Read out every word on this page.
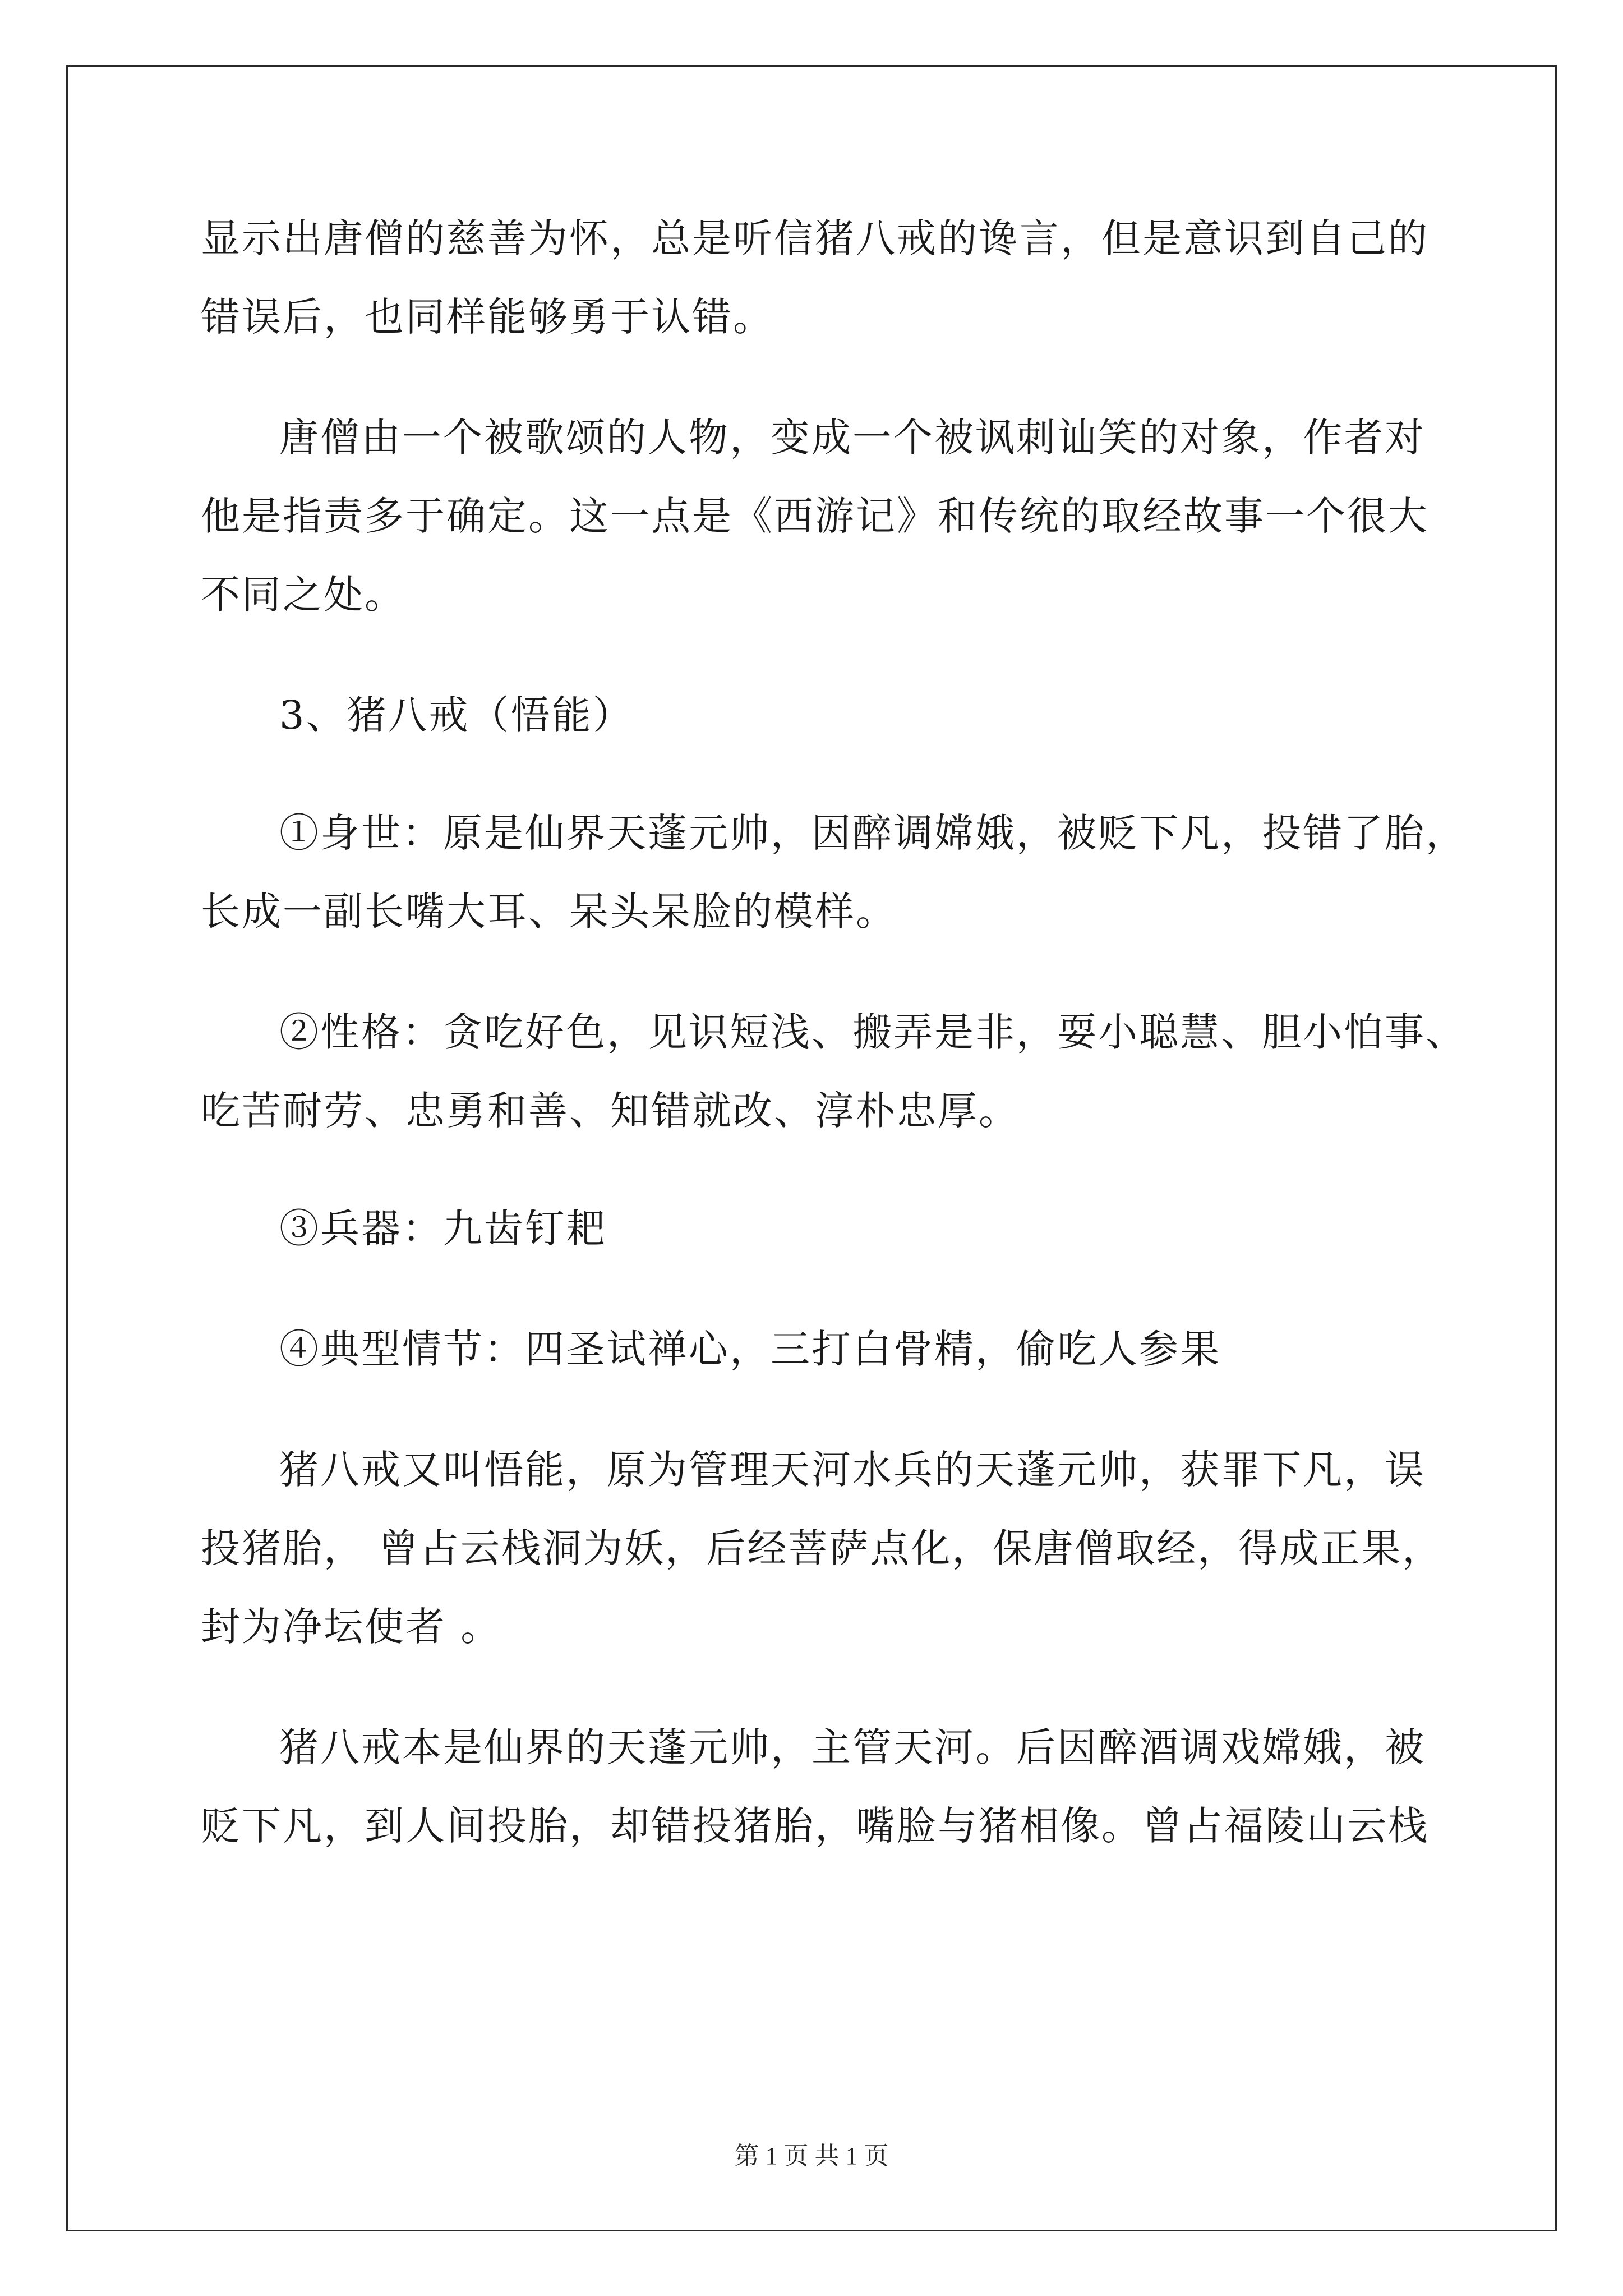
显示出唐僧的慈善为怀，总是听信猪八戒的谗言，但是意识到自己的
错误后，也同样能够勇于认错。
唐僧由一个被歌颂的人物，变成一个被讽刺讪笑的对象，作者对
他是指责多于确定。这一点是《西游记》和传统的取经故事一个很大
不同之处。
3、猪八戒（悟能）
①身世：原是仙界天蓬元帅，因醉调嫦娥，被贬下凡，投错了胎，
长成一副长嘴大耳、呆头呆脸的模样。
②性格：贪吃好色，见识短浅、搬弄是非，耍小聪慧、胆小怕事、
吃苦耐劳、忠勇和善、知错就改、淳朴忠厚。
③兵器：九齿钉耙
④典型情节：四圣试禅心，三打白骨精，偷吃人参果
猪八戒又叫悟能，原为管理天河水兵的天蓬元帅，获罪下凡，误
投猪胎， 曾占云栈洞为妖，后经菩萨点化，保唐僧取经，得成正果，
封为净坛使者 。
猪八戒本是仙界的天蓬元帅，主管天河。后因醉酒调戏嫦娥，被
贬下凡，到人间投胎，却错投猪胎，嘴脸与猪相像。曾占福陵山云栈
第 1 页 共 1 页
